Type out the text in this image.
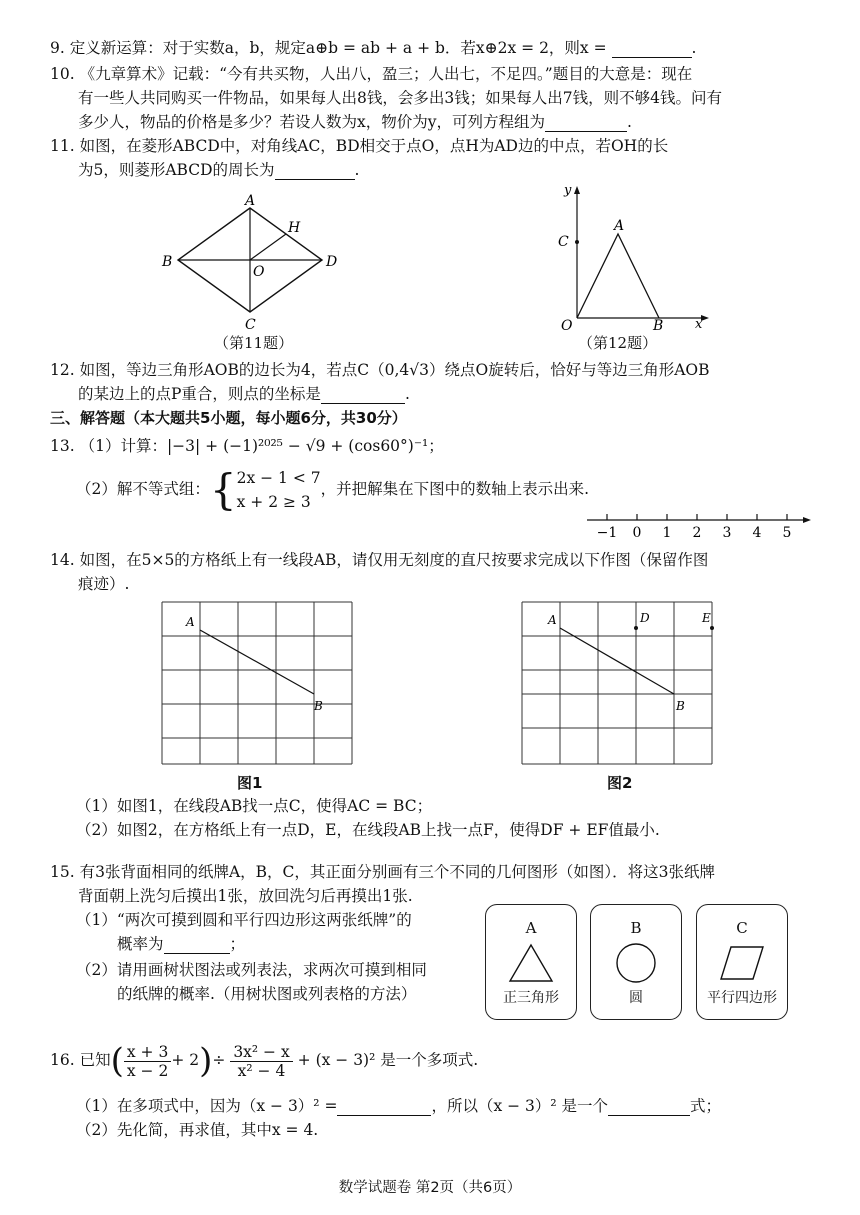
9. 定义新运算：对于实数a，b，规定a⊕b = ab + a + b．若x⊕2x = 2，则x =	.
10. 《九章算术》记载：“今有共买物，人出八，盈三；人出七，不足四。”题目的大意是：现在
有一些人共同购买一件物品，如果每人出8钱，会多出3钱；如果每人出7钱，则不够4钱。问有
多少人，物品的价格是多少？若设人数为x，物价为y，可列方程组为	.
11. 如图，在菱形ABCD中，对角线AC，BD相交于点O，点H为AD边的中点，若OH的长
为5，则菱形ABCD的周长为	.
A
B
C
D
H
O
（第11题）
y
x
A
B
C
O
（第12题）
12. 如图，等边三角形AOB的边长为4，若点C（0,4√3）绕点O旋转后，恰好与等边三角形AOB
的某边上的点P重合，则点的坐标是	.
三、解答题（本大题共5小题，每小题6分，共30分）
13. （1）计算：|−3| + (−1)²⁰²⁵ − √9 + (cos60°)⁻¹；
（2）解不等式组：{ 2x − 1 < 7
x + 2 ≥ 3
，并把解集在下图中的数轴上表示出来.
−1 0 1 2 3 4 5
14. 如图，在5×5的方格纸上有一线段AB，请仅用无刻度的直尺按要求完成以下作图（保留作图
痕迹）.
A
B
图1
A
B
D	E
图2
（1）如图1，在线段AB找一点C，使得AC = BC；
（2）如图2，在方格纸上有一点D，E，在线段AB上找一点F，使得DF + EF值最小.
15. 有3张背面相同的纸牌A，B，C，其正面分别画有三个不同的几何图形（如图）．将这3张纸牌
背面朝上洗匀后摸出1张，放回洗匀后再摸出1张.
（1）“两次可摸到圆和平行四边形这两张纸牌”的
概率为	；
（2）请用画树状图法或列表法，求两次可摸到相同
的纸牌的概率.（用树状图或列表格的方法）
A
正三角形
B
圆
C
平行四边形
16. 已知( $\frac{x + 3}{x - 2} + 2)\div \frac{\text{3x² − x}}{\text{x² − 4}} + (x - 3)^2$ 是一个多项式.
（1）在多项式中，因为（x − 3）² =	，所以（x − 3）² 是一个	式；
（2）先化简，再求值，其中x = 4.
数学试题卷 第2页（共6页）
